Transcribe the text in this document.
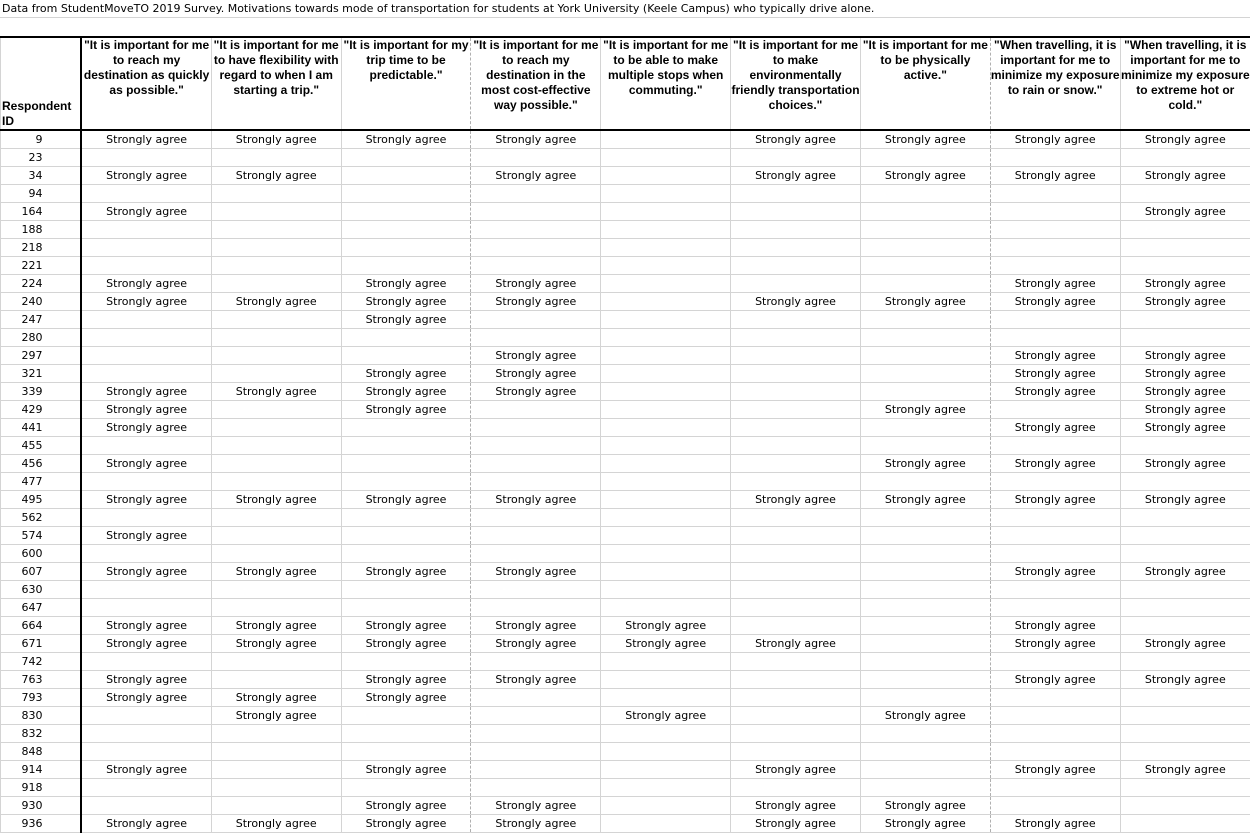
Data from StudentMoveTO 2019 Survey. Motivations towards mode of transportation for students at York University (Keele Campus) who typically drive alone.
Respondent ID	"It is important for me to reach my destination as quickly as possible."	"It is important for me to have flexibility with regard to when I am starting a trip."	"It is important for my trip time to be predictable."	"It is important for me to reach my destination in the most cost-effective way possible."	"It is important for me to be able to make multiple stops when commuting."	"It is important for me to make environmentally friendly transportation choices."	"It is important for me to be physically active."	"When travelling, it is important for me to minimize my exposure to rain or snow."	"When travelling, it is important for me to minimize my exposure to extreme hot or cold."
9	Strongly agree	Strongly agree	Strongly agree	Strongly agree		Strongly agree	Strongly agree	Strongly agree	Strongly agree
23									
34	Strongly agree	Strongly agree		Strongly agree		Strongly agree	Strongly agree	Strongly agree	Strongly agree
94									
164	Strongly agree								Strongly agree
188									
218									
221									
224	Strongly agree		Strongly agree	Strongly agree				Strongly agree	Strongly agree
240	Strongly agree	Strongly agree	Strongly agree	Strongly agree		Strongly agree	Strongly agree	Strongly agree	Strongly agree
247			Strongly agree						
280									
297				Strongly agree				Strongly agree	Strongly agree
321			Strongly agree	Strongly agree				Strongly agree	Strongly agree
339	Strongly agree	Strongly agree	Strongly agree	Strongly agree				Strongly agree	Strongly agree
429	Strongly agree		Strongly agree				Strongly agree		Strongly agree
441	Strongly agree							Strongly agree	Strongly agree
455									
456	Strongly agree						Strongly agree	Strongly agree	Strongly agree
477									
495	Strongly agree	Strongly agree	Strongly agree	Strongly agree		Strongly agree	Strongly agree	Strongly agree	Strongly agree
562									
574	Strongly agree								
600									
607	Strongly agree	Strongly agree	Strongly agree	Strongly agree				Strongly agree	Strongly agree
630									
647									
664	Strongly agree	Strongly agree	Strongly agree	Strongly agree	Strongly agree			Strongly agree	
671	Strongly agree	Strongly agree	Strongly agree	Strongly agree	Strongly agree	Strongly agree		Strongly agree	Strongly agree
742									
763	Strongly agree		Strongly agree	Strongly agree				Strongly agree	Strongly agree
793	Strongly agree	Strongly agree	Strongly agree						
830		Strongly agree			Strongly agree		Strongly agree		
832									
848									
914	Strongly agree		Strongly agree			Strongly agree		Strongly agree	Strongly agree
918									
930			Strongly agree	Strongly agree		Strongly agree	Strongly agree		
936	Strongly agree	Strongly agree	Strongly agree	Strongly agree		Strongly agree	Strongly agree	Strongly agree	
